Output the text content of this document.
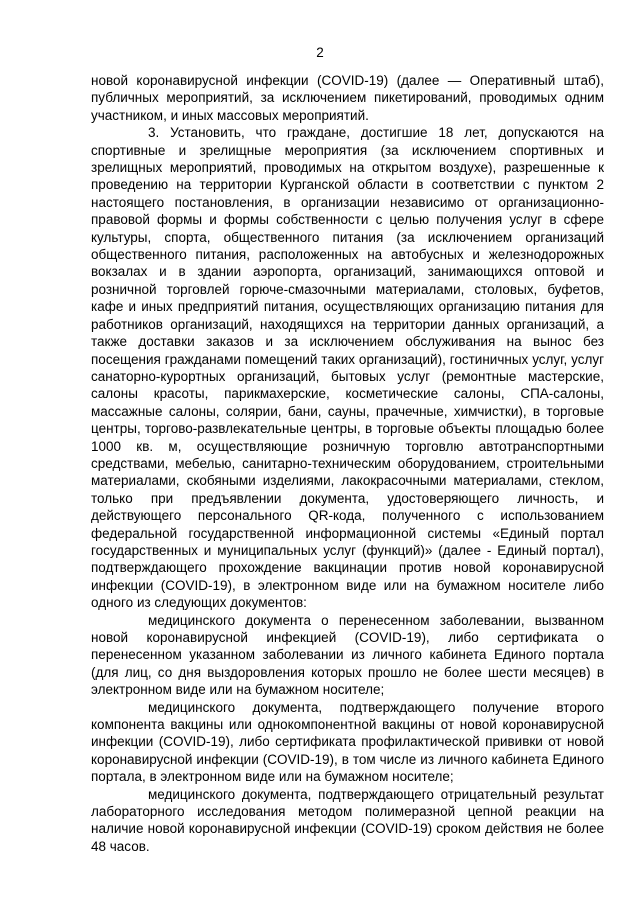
2

новой коронавирусной инфекции (COVID-19) (далее — Оперативный штаб), публичных мероприятий, за исключением пикетирований, проводимых одним участником, и иных массовых мероприятий.

3. Установить, что граждане, достигшие 18 лет, допускаются на спортивные и зрелищные мероприятия (за исключением спортивных и зрелищных мероприятий, проводимых на открытом воздухе), разрешенные к проведению на территории Курганской области в соответствии с пунктом 2 настоящего постановления, в организации независимо от организационно-правовой формы и формы собственности с целью получения услуг в сфере культуры, спорта, общественного питания (за исключением организаций общественного питания, расположенных на автобусных и железнодорожных вокзалах и в здании аэропорта, организаций, занимающихся оптовой и розничной торговлей горюче-смазочными материалами, столовых, буфетов, кафе и иных предприятий питания, осуществляющих организацию питания для работников организаций, находящихся на территории данных организаций, а также доставки заказов и за исключением обслуживания на вынос без посещения гражданами помещений таких организаций), гостиничных услуг, услуг санаторно-курортных организаций, бытовых услуг (ремонтные мастерские, салоны красоты, парикмахерские, косметические салоны, СПА-салоны, массажные салоны, солярии, бани, сауны, прачечные, химчистки), в торговые центры, торгово-развлекательные центры, в торговые объекты площадью более 1000 кв. м, осуществляющие розничную торговлю автотранспортными средствами, мебелью, санитарно-техническим оборудованием, строительными материалами, скобяными изделиями, лакокрасочными материалами, стеклом, только при предъявлении документа, удостоверяющего личность, и действующего персонального QR-кода, полученного с использованием федеральной государственной информационной системы «Единый портал государственных и муниципальных услуг (функций)» (далее - Единый портал), подтверждающего прохождение вакцинации против новой коронавирусной инфекции (COVID-19), в электронном виде или на бумажном носителе либо одного из следующих документов:

медицинского документа о перенесенном заболевании, вызванном новой коронавирусной инфекцией (COVID-19), либо сертификата о перенесенном указанном заболевании из личного кабинета Единого портала (для лиц, со дня выздоровления которых прошло не более шести месяцев) в электронном виде или на бумажном носителе;

медицинского документа, подтверждающего получение второго компонента вакцины или однокомпонентной вакцины от новой коронавирусной инфекции (COVID-19), либо сертификата профилактической прививки от новой коронавирусной инфекции (COVID-19), в том числе из личного кабинета Единого портала, в электронном виде или на бумажном носителе;

медицинского документа, подтверждающего отрицательный результат лабораторного исследования методом полимеразной цепной реакции на наличие новой коронавирусной инфекции (COVID-19) сроком действия не более 48 часов.
